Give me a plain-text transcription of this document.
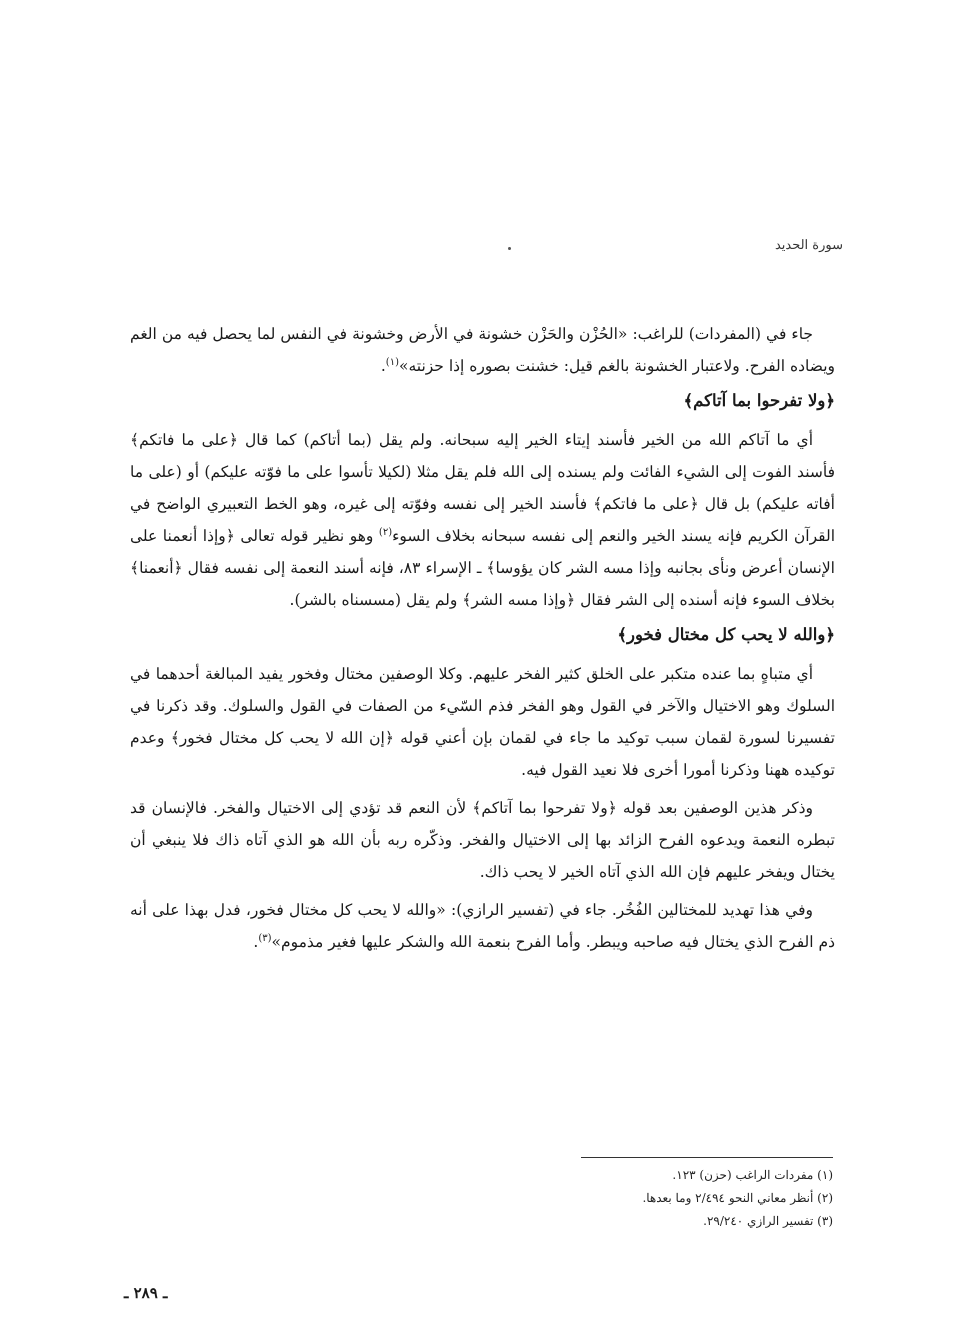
سورة الحديد

جاء في (المفردات) للراغب: «الحُزْن والحَزْن خشونة في الأرض وخشونة في النفس لما يحصل فيه من الغم ويضاده الفرح. ولاعتبار الخشونة بالغم قيل: خشنت بصوره إذا حزنته»$^{(١)}$.

﴿ولا تفرحوا بما آتاكم﴾

أي ما آتاكم الله من الخير فأسند إيتاء الخير إليه سبحانه. ولم يقل (بما أتاكم) كما قال ﴿على ما فاتكم﴾ فأسند الفوت إلى الشيء الفائت ولم يسنده إلى الله فلم يقل مثلا (لكيلا تأسوا على ما فوّته عليكم) أو (على ما أفاته عليكم) بل قال ﴿على ما فاتكم﴾ فأسند الخير إلى نفسه وفوّته إلى غيره، وهو الخط التعبيري الواضح في القرآن الكريم فإنه يسند الخير والنعم إلى نفسه سبحانه بخلاف السوء$^{(٢)}$ وهو نظير قوله تعالى ﴿وإذا أنعمنا على الإنسان أعرض ونأى بجانبه وإذا مسه الشر كان يؤوسا﴾ ـ الإسراء ٨٣، فإنه أسند النعمة إلى نفسه فقال ﴿أنعمنا﴾ بخلاف السوء فإنه أسنده إلى الشر فقال ﴿وإذا مسه الشر﴾ ولم يقل (مسسناه بالشر).

﴿والله لا يحب كل مختال فخور﴾

أي متباهٍ بما عنده متكبر على الخلق كثير الفخر عليهم. وكلا الوصفين مختال وفخور يفيد المبالغة أحدهما في السلوك وهو الاختيال والآخر في القول وهو الفخر فذم السّيء من الصفات في القول والسلوك. وقد ذكرنا في تفسيرنا لسورة لقمان سبب توكيد ما جاء في لقمان بإن أعني قوله ﴿إن الله لا يحب كل مختال فخور﴾ وعدم توكيده ههنا وذكرنا أمورا أخرى فلا نعيد القول فيه.

وذكر هذين الوصفين بعد قوله ﴿ولا تفرحوا بما آتاكم﴾ لأن النعم قد تؤدي إلى الاختيال والفخر. فالإنسان قد تبطره النعمة ويدعوه الفرح الزائد بها إلى الاختيال والفخر. وذكّره ربه بأن الله هو الذي آتاه ذاك فلا ينبغي أن يختال ويفخر عليهم فإن الله الذي آتاه الخير لا يحب ذاك.

وفي هذا تهديد للمختالين الفُخُر. جاء في (تفسير الرازي): «والله لا يحب كل مختال فخور، فدل بهذا على أنه ذم الفرح الذي يختال فيه صاحبه ويبطر. وأما الفرح بنعمة الله والشكر عليها فغير مذموم»$^{(٣)}$.

(١) مفردات الراغب (حزن) ١٢٣.
(٢) أنظر معاني النحو ٢/٤٩٤ وما بعدها.
(٣) تفسير الرازي ٢٩/٢٤٠.
ـ ٢٨٩ ـ
